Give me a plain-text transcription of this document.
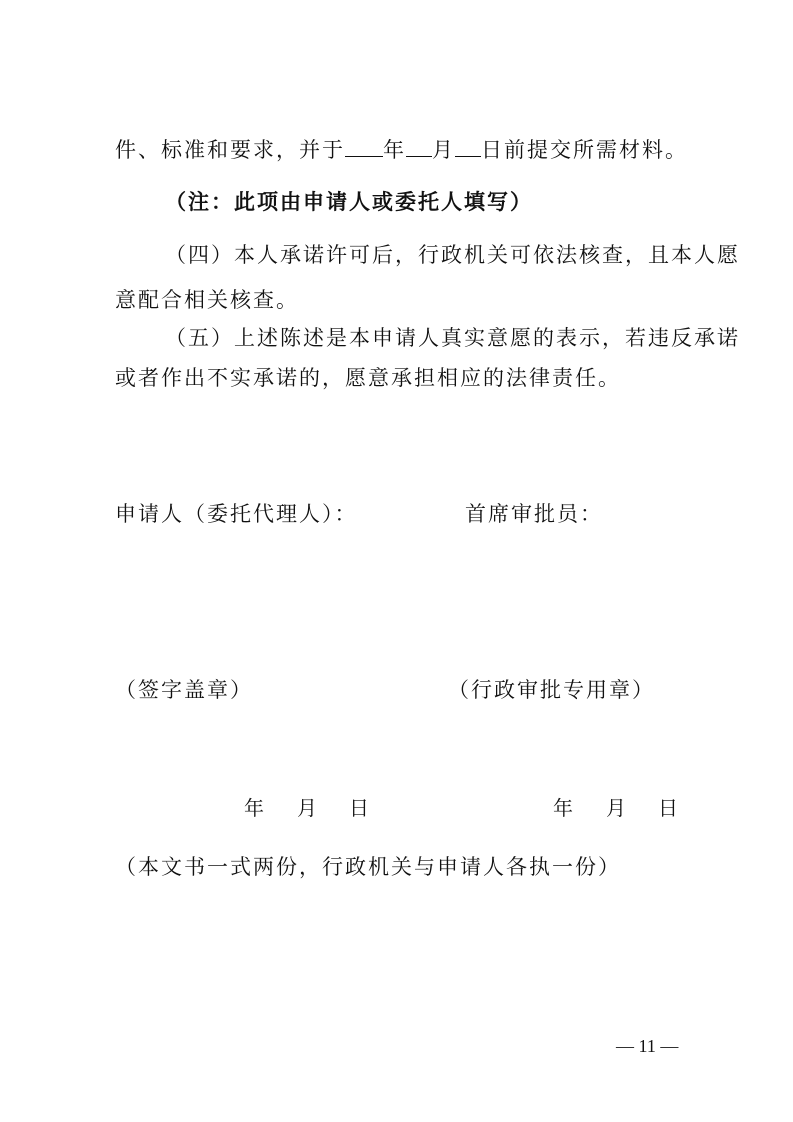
件、标准和要求，并于 年 月 日前提交所需材料。
（注：此项由申请人或委托人填写）
（四）本人承诺许可后，行政机关可依法核查，且本人愿
意配合相关核查。
（五）上述陈述是本申请人真实意愿的表示，若违反承诺
或者作出不实承诺的，愿意承担相应的法律责任。
申请人（委托代理人）：	首席审批员：
（签字盖章）	（行政审批专用章）
年 月 日	年 月 日
（本文书一式两份，行政机关与申请人各执一份）
— 11 —
